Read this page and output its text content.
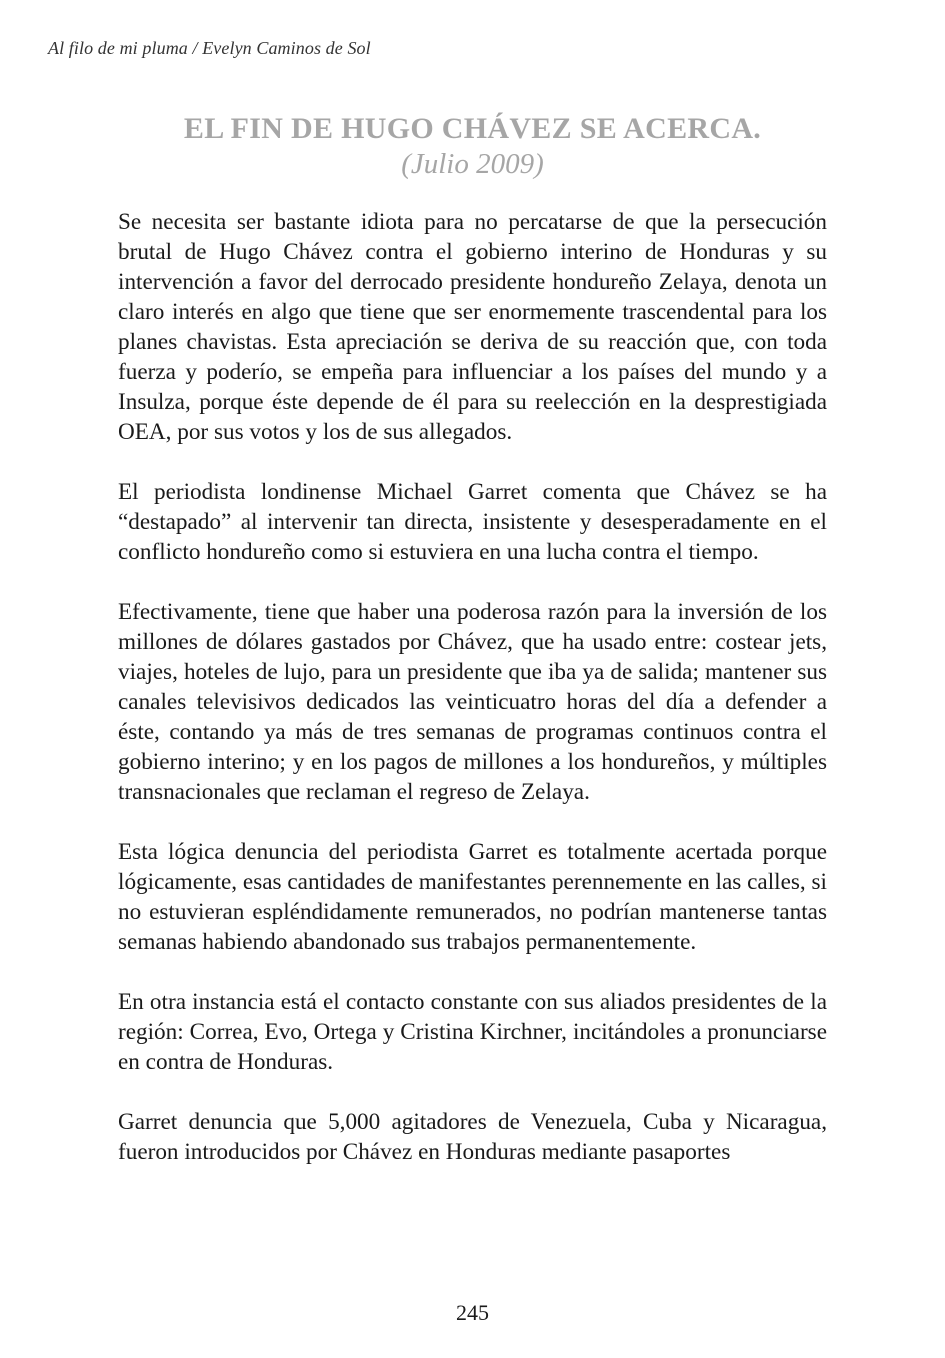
Al filo de mi pluma / Evelyn Caminos de Sol
EL FIN DE HUGO CHÁVEZ SE ACERCA.
(Julio 2009)

Se necesita ser bastante idiota para no percatarse de que la persecución brutal de Hugo Chávez contra el gobierno interino de Honduras y su intervención a favor del derrocado presidente hondureño Zelaya, denota un claro interés en algo que tiene que ser enormemente trascendental para los planes chavistas. Esta apreciación se deriva de su reacción que, con toda fuerza y poderío, se empeña para influenciar a los países del mundo y a Insulza, porque éste depende de él para su reelección en la desprestigiada OEA, por sus votos y los de sus allegados.

El periodista londinense Michael Garret comenta que Chávez se ha “destapado” al intervenir tan directa, insistente y desesperadamente en el conflicto hondureño como si estuviera en una lucha contra el tiempo.

Efectivamente, tiene que haber una poderosa razón para la inversión de los millones de dólares gastados por Chávez, que ha usado entre: costear jets, viajes, hoteles de lujo, para un presidente que iba ya de salida; mantener sus canales televisivos dedicados las veinticuatro horas del día a defender a éste, contando ya más de tres semanas de programas continuos contra el gobierno interino; y en los pagos de millones a los hondureños, y múltiples transnacionales que reclaman el regreso de Zelaya.

Esta lógica denuncia del periodista Garret es totalmente acertada porque lógicamente, esas cantidades de manifestantes perennemente en las calles, si no estuvieran espléndidamente remunerados, no podrían mantenerse tantas semanas habiendo abandonado sus trabajos permanentemente.

En otra instancia está el contacto constante con sus aliados presidentes de la región: Correa, Evo, Ortega y Cristina Kirchner, incitándoles a pronunciarse en contra de Honduras.

Garret denuncia que 5,000 agitadores de Venezuela, Cuba y Nicaragua, fueron introducidos por Chávez en Honduras mediante pasaportes

245
